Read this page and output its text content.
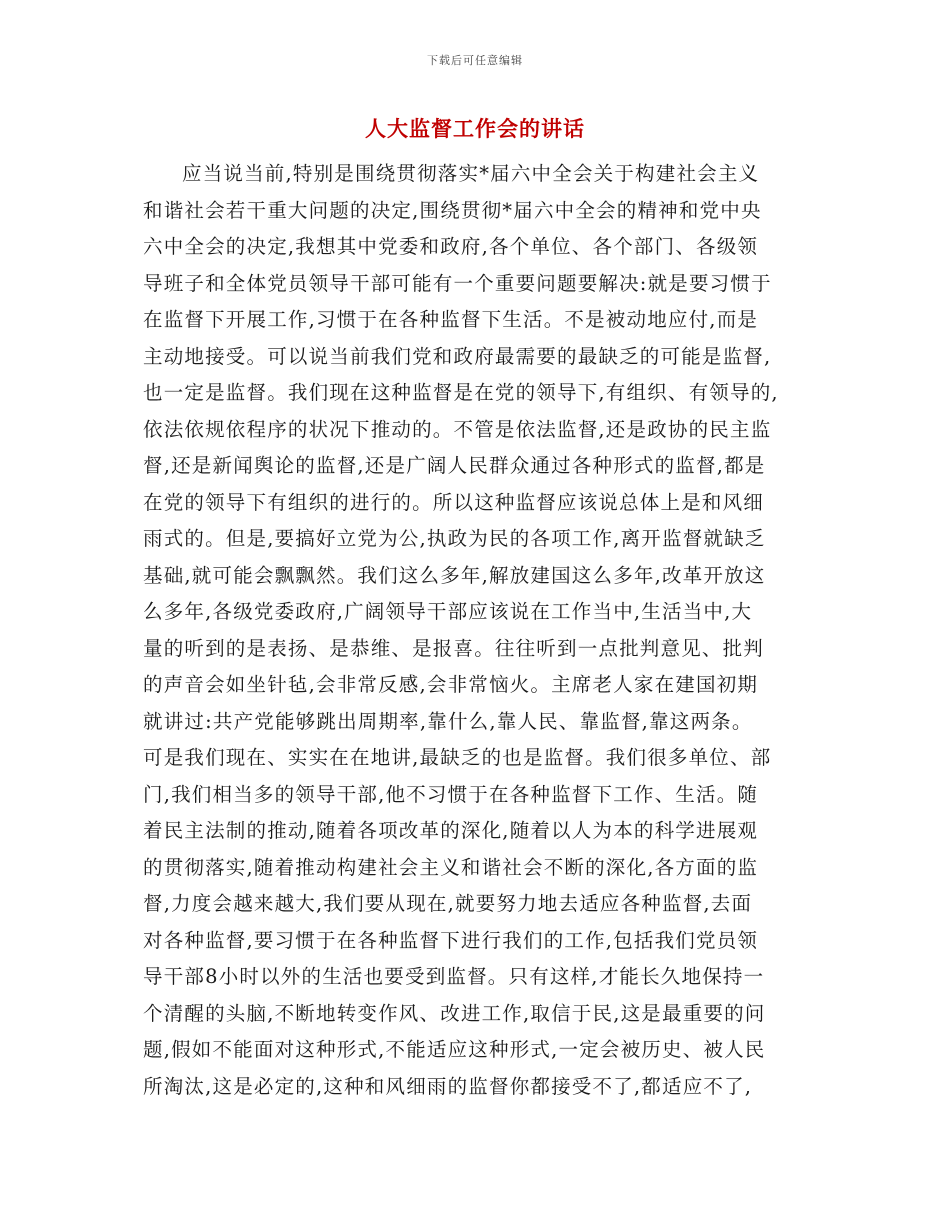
下载后可任意编辑
人大监督工作会的讲话
应当说当前,特别是围绕贯彻落实*届六中全会关于构建社会主义
和谐社会若干重大问题的决定,围绕贯彻*届六中全会的精神和党中央
六中全会的决定,我想其中党委和政府,各个单位、各个部门、各级领
导班子和全体党员领导干部可能有一个重要问题要解决:就是要习惯于
在监督下开展工作,习惯于在各种监督下生活。不是被动地应付,而是
主动地接受。可以说当前我们党和政府最需要的最缺乏的可能是监督,
也一定是监督。我们现在这种监督是在党的领导下,有组织、有领导的,
依法依规依程序的状况下推动的。不管是依法监督,还是政协的民主监
督,还是新闻舆论的监督,还是广阔人民群众通过各种形式的监督,都是
在党的领导下有组织的进行的。所以这种监督应该说总体上是和风细
雨式的。但是,要搞好立党为公,执政为民的各项工作,离开监督就缺乏
基础,就可能会飘飘然。我们这么多年,解放建国这么多年,改革开放这
么多年,各级党委政府,广阔领导干部应该说在工作当中,生活当中,大
量的听到的是表扬、是恭维、是报喜。往往听到一点批判意见、批判
的声音会如坐针毡,会非常反感,会非常恼火。主席老人家在建国初期
就讲过:共产党能够跳出周期率,靠什么,靠人民、靠监督,靠这两条。
可是我们现在、实实在在地讲,最缺乏的也是监督。我们很多单位、部
门,我们相当多的领导干部,他不习惯于在各种监督下工作、生活。随
着民主法制的推动,随着各项改革的深化,随着以人为本的科学进展观
的贯彻落实,随着推动构建社会主义和谐社会不断的深化,各方面的监
督,力度会越来越大,我们要从现在,就要努力地去适应各种监督,去面
对各种监督,要习惯于在各种监督下进行我们的工作,包括我们党员领
导干部8小时以外的生活也要受到监督。只有这样,才能长久地保持一
个清醒的头脑,不断地转变作风、改进工作,取信于民,这是最重要的问
题,假如不能面对这种形式,不能适应这种形式,一定会被历史、被人民
所淘汰,这是必定的,这种和风细雨的监督你都接受不了,都适应不了,
